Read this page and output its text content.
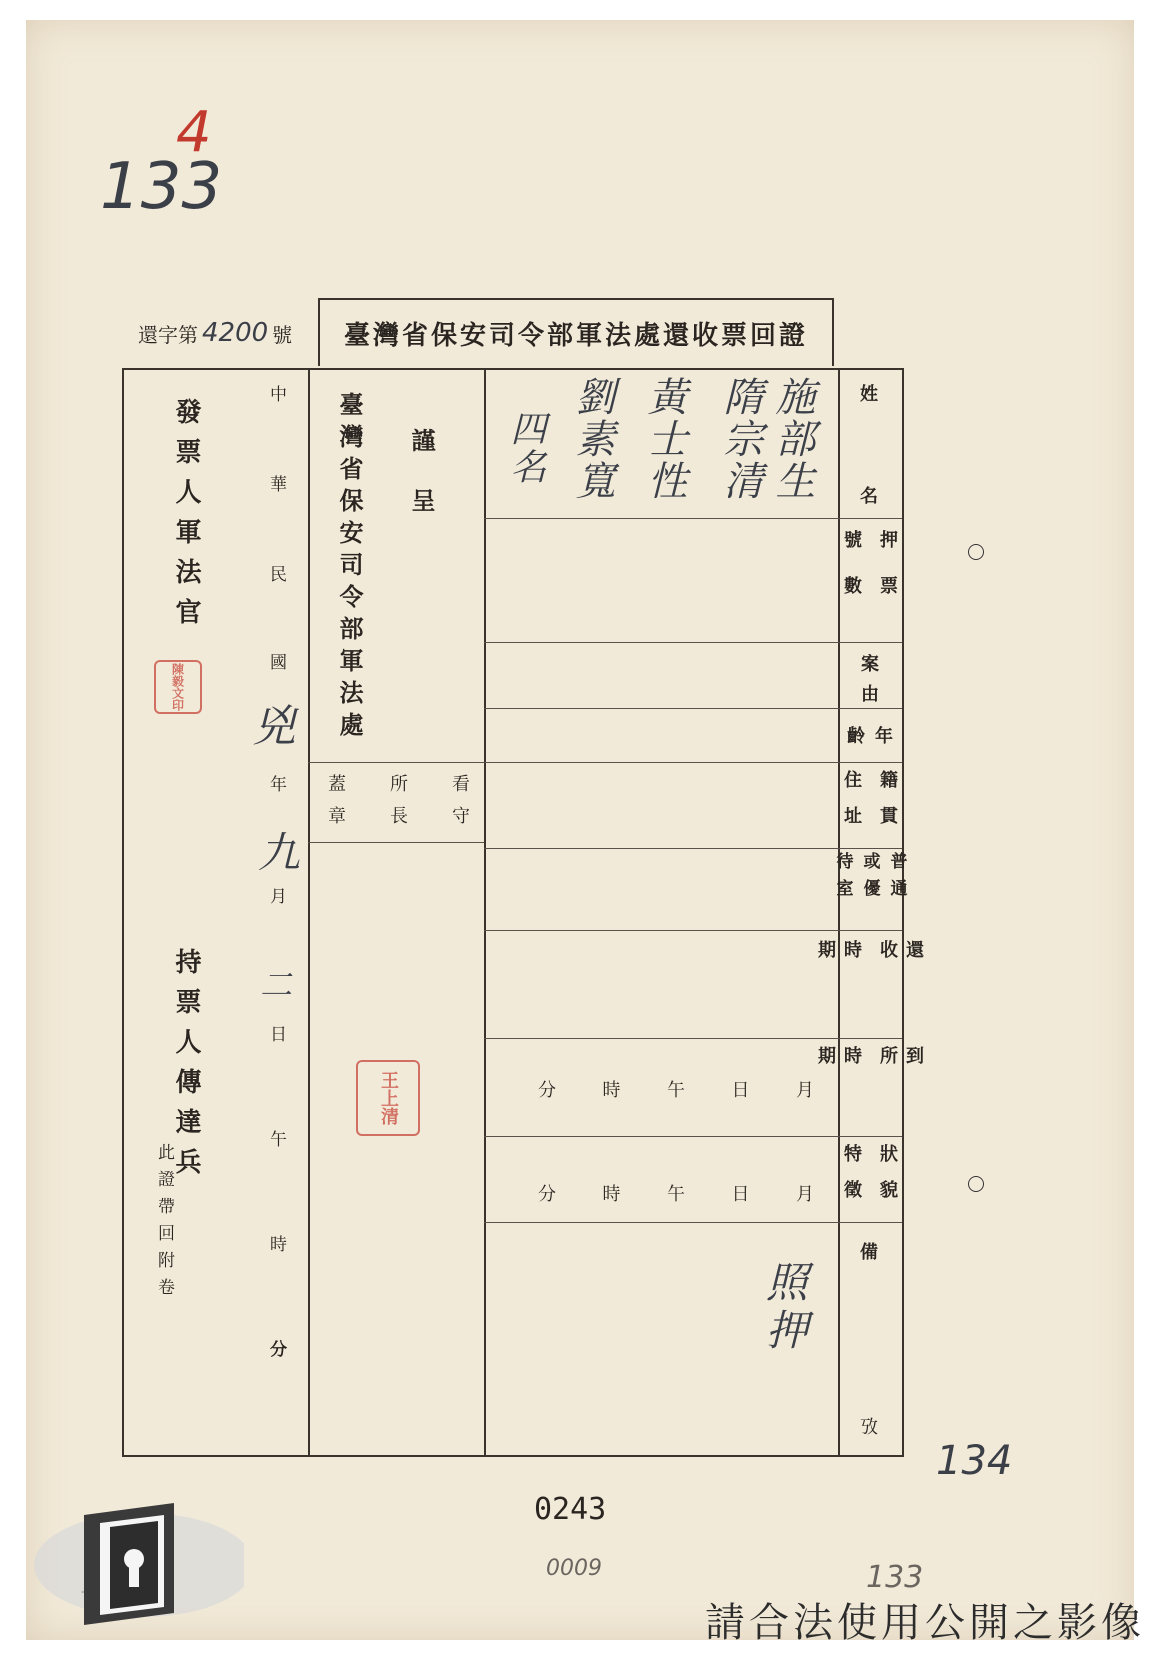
133
4
還字第 4200 號 臺灣省保安司令部軍法處還收票回證
發票人軍法官
陳毅文印
持票人傳達兵
中
華
民
國
兇
年
九
月
二
日
午
時
分
此證帶回附卷
謹呈
臺灣省保安司令部軍法處
看守
所長
蓋章
王上清
施部生
隋宗清
黃士性
劉素寬
四名
月
日
午
時
分
月
日
午
時
分
照押
姓
名
押票
號數
案
由
年
齡
籍貫
住址
普通
或優
待室
還收
時期
到所
時期
狀貌
特徵
備
攷
134
0243
0009	133
請合法使用公開之影像
